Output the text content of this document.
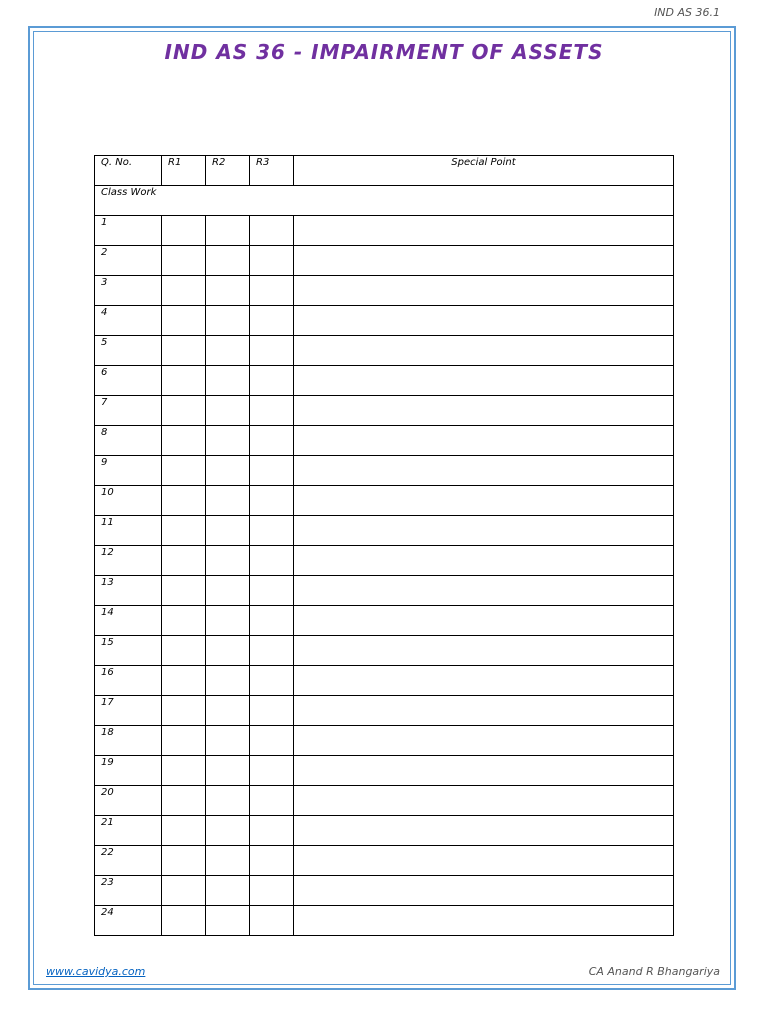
IND AS 36.1
IND AS 36 - IMPAIRMENT OF ASSETS
Q. No.	R1	R2	R3	Special Point
Class Work				
1				
2				
3				
4				
5				
6				
7				
8				
9				
10				
11				
12				
13				
14				
15				
16				
17				
18				
19				
20				
21				
22				
23				
24				
www.cavidya.com	CA Anand R Bhangariya
